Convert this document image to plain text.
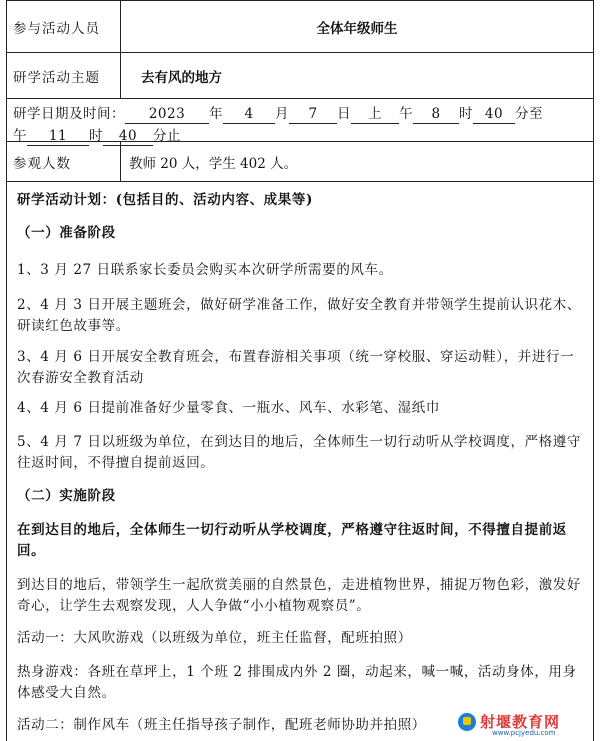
参与活动人员	全体年级师生
研学活动主题	去有风的地方
研学日期及时间： 2023 年 4 月 7 日 上 午 8 时 40 分至
午 11 时 40 分止
参观人数	教师 20 人，学生 402 人。
研学活动计划：(包括目的、活动内容、成果等)
（一）准备阶段
1、3 月 27 日联系家长委员会购买本次研学所需要的风车。
2、4 月 3 日开展主题班会，做好研学准备工作，做好安全教育并带领学生提前认识花木、研读红色故事等。
3、4 月 6 日开展安全教育班会，布置春游相关事项（统一穿校服、穿运动鞋），并进行一次春游安全教育活动
4、4 月 6 日提前准备好少量零食、一瓶水、风车、水彩笔、湿纸巾
5、4 月 7 日以班级为单位，在到达目的地后，全体师生一切行动听从学校调度，严格遵守往返时间，不得擅自提前返回。
（二）实施阶段
在到达目的地后，全体师生一切行动听从学校调度，严格遵守往返时间，不得擅自提前返回。
到达目的地后，带领学生一起欣赏美丽的自然景色，走进植物世界，捕捉万物色彩，激发好奇心，让学生去观察发现，人人争做“小小植物观察员”。
活动一：大风吹游戏（以班级为单位，班主任监督，配班拍照）
热身游戏：各班在草坪上，1 个班 2 排围成内外 2 圈，动起来，喊一喊，活动身体，用身体感受大自然。
活动二：制作风车（班主任指导孩子制作，配班老师协助并拍照）	射堰教育网
www.pcjyedu.com
